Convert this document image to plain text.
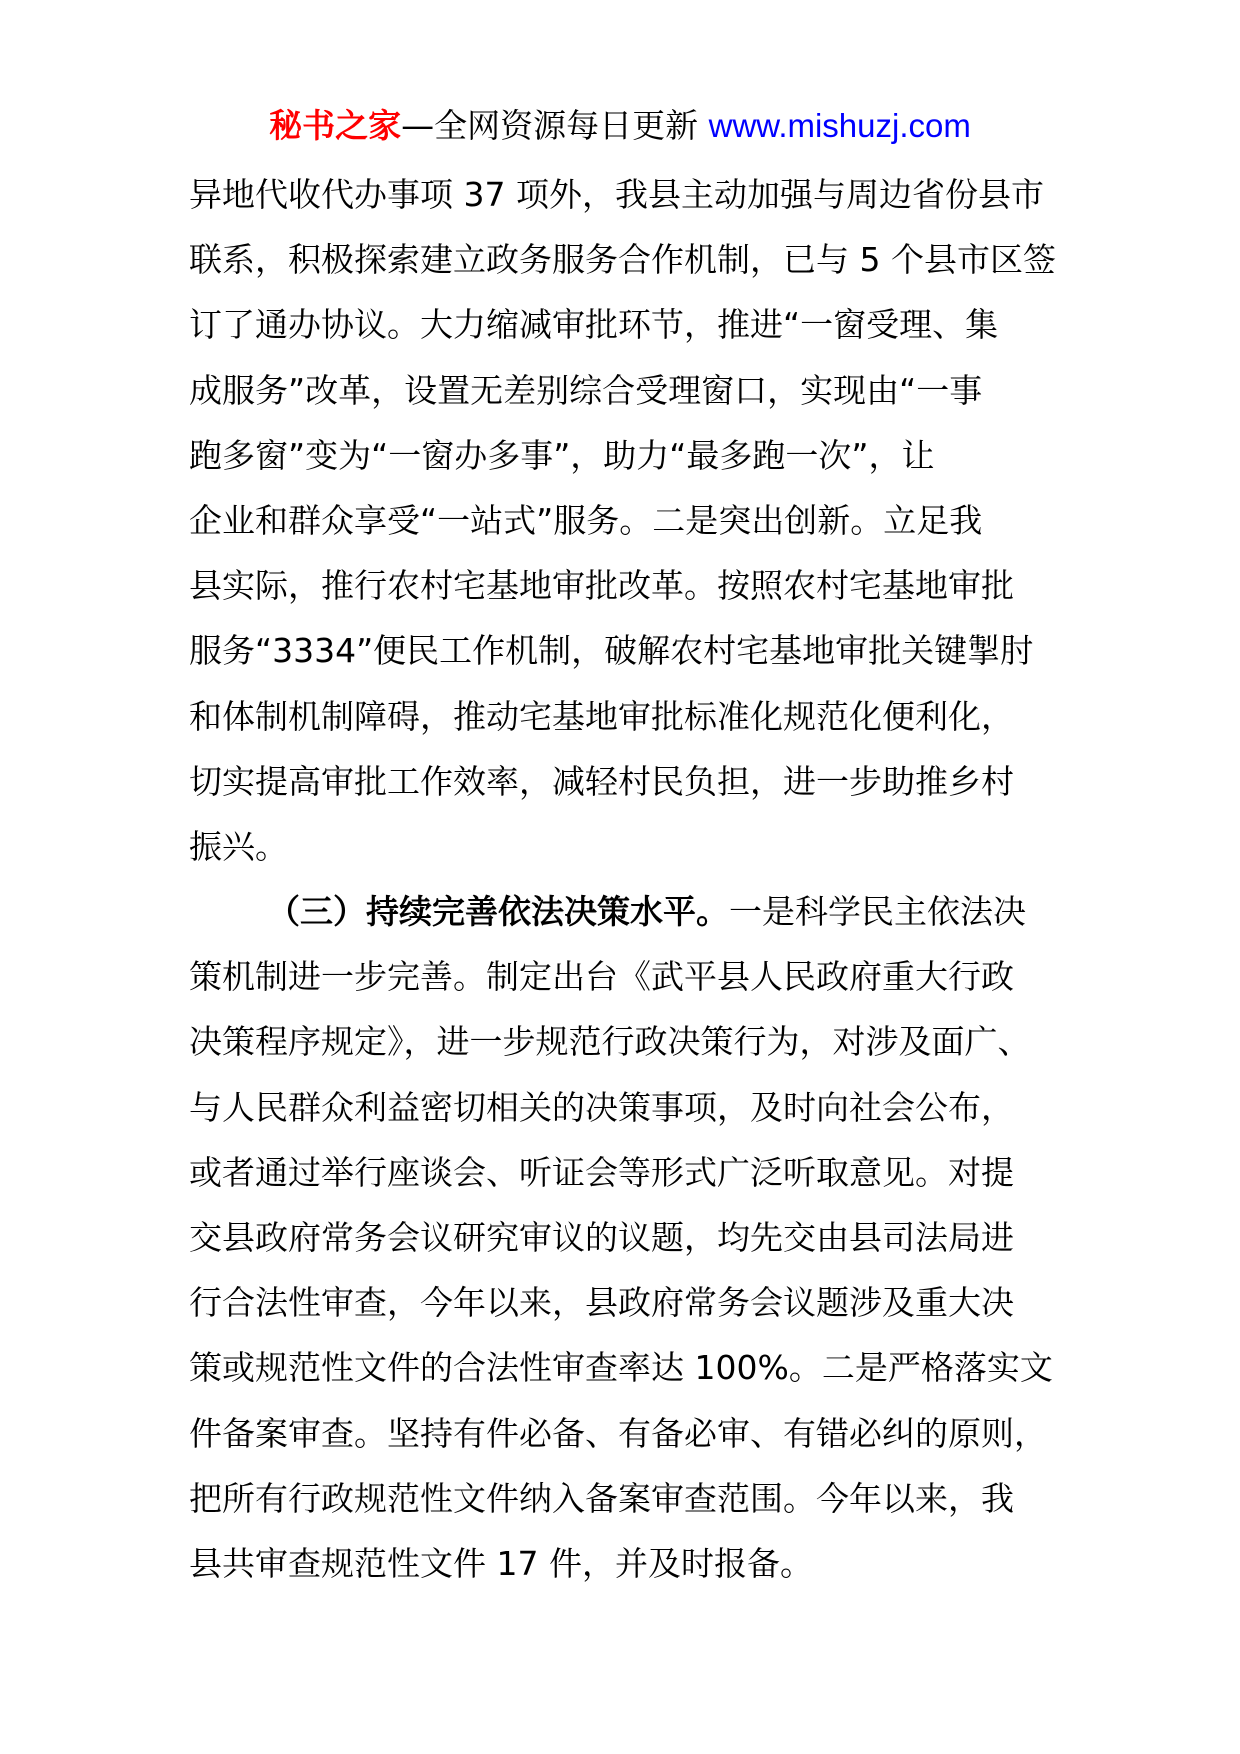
秘书之家—全网资源每日更新 www.mishuzj.com
异地代收代办事项 37 项外，我县主动加强与周边省份县市
联系，积极探索建立政务服务合作机制，已与 5 个县市区签
订了通办协议。大力缩减审批环节，推进“一窗受理、集
成服务”改革，设置无差别综合受理窗口，实现由“一事
跑多窗”变为“一窗办多事”，助力“最多跑一次”，让
企业和群众享受“一站式”服务。二是突出创新。立足我
县实际，推行农村宅基地审批改革。按照农村宅基地审批
服务“3334”便民工作机制，破解农村宅基地审批关键掣肘
和体制机制障碍，推动宅基地审批标准化规范化便利化，
切实提高审批工作效率，减轻村民负担，进一步助推乡村
振兴。
（三）持续完善依法决策水平。一是科学民主依法决
策机制进一步完善。制定出台《武平县人民政府重大行政
决策程序规定》，进一步规范行政决策行为，对涉及面广、
与人民群众利益密切相关的决策事项，及时向社会公布，
或者通过举行座谈会、听证会等形式广泛听取意见。对提
交县政府常务会议研究审议的议题，均先交由县司法局进
行合法性审查，今年以来，县政府常务会议题涉及重大决
策或规范性文件的合法性审查率达 100%。二是严格落实文
件备案审查。坚持有件必备、有备必审、有错必纠的原则，
把所有行政规范性文件纳入备案审查范围。今年以来，我
县共审查规范性文件 17 件，并及时报备。
